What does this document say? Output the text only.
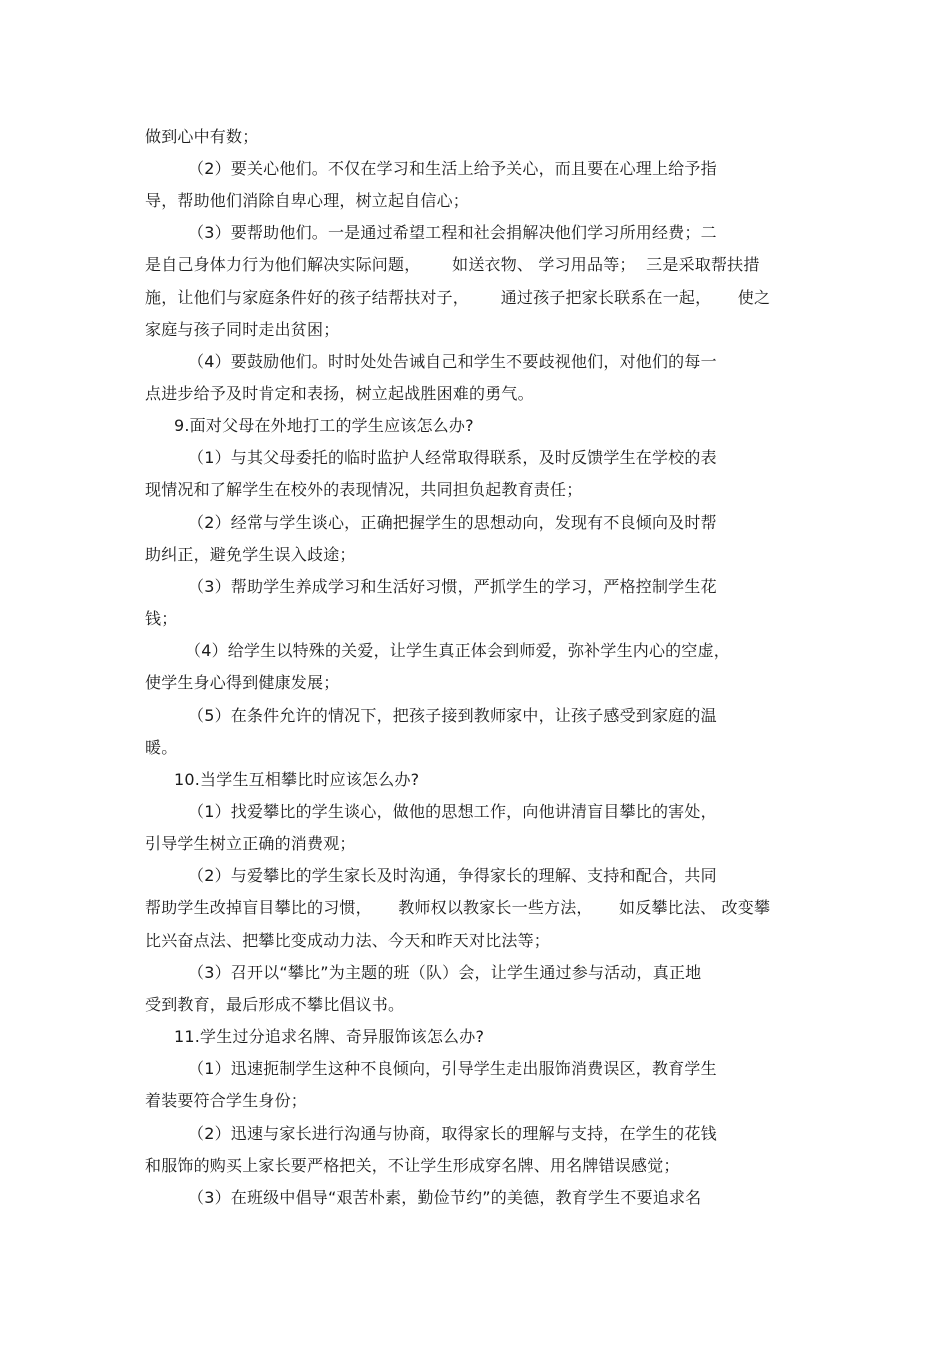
做到心中有数；
（2）要关心他们。不仅在学习和生活上给予关心，而且要在心理上给予指
导，帮助他们消除自卑心理，树立起自信心；
（3）要帮助他们。一是通过希望工程和社会捐解决他们学习所用经费；二
是自己身体力行为他们解决实际问题，      如送衣物、 学习用品等；  三是采取帮扶措
施，让他们与家庭条件好的孩子结帮扶对子，      通过孩子把家长联系在一起，     使之
家庭与孩子同时走出贫困；
（4）要鼓励他们。时时处处告诫自己和学生不要歧视他们，对他们的每一
点进步给予及时肯定和表扬，树立起战胜困难的勇气。
9.面对父母在外地打工的学生应该怎么办?
（1）与其父母委托的临时监护人经常取得联系，及时反馈学生在学校的表
现情况和了解学生在校外的表现情况，共同担负起教育责任；
（2）经常与学生谈心，正确把握学生的思想动向，发现有不良倾向及时帮
助纠正，避免学生误入歧途；
（3）帮助学生养成学习和生活好习惯，严抓学生的学习，严格控制学生花
钱；
（4）给学生以特殊的关爱，让学生真正体会到师爱，弥补学生内心的空虚，
使学生身心得到健康发展；
（5）在条件允许的情况下，把孩子接到教师家中，让孩子感受到家庭的温
暖。
10.当学生互相攀比时应该怎么办?
（1）找爱攀比的学生谈心，做他的思想工作，向他讲清盲目攀比的害处，
引导学生树立正确的消费观；
（2）与爱攀比的学生家长及时沟通，争得家长的理解、支持和配合，共同
帮助学生改掉盲目攀比的习惯，     教师权以教家长一些方法，     如反攀比法、 改变攀
比兴奋点法、把攀比变成动力法、今天和昨天对比法等；
（3）召开以“攀比”为主题的班（队）会，让学生通过参与活动，真正地
受到教育，最后形成不攀比倡议书。
11.学生过分追求名牌、奇异服饰该怎么办?
（1）迅速扼制学生这种不良倾向，引导学生走出服饰消费误区，教育学生
着装要符合学生身份；
（2）迅速与家长进行沟通与协商，取得家长的理解与支持，在学生的花钱
和服饰的购买上家长要严格把关，不让学生形成穿名牌、用名牌错误感觉；
（3）在班级中倡导“艰苦朴素，勤俭节约”的美德，教育学生不要追求名
